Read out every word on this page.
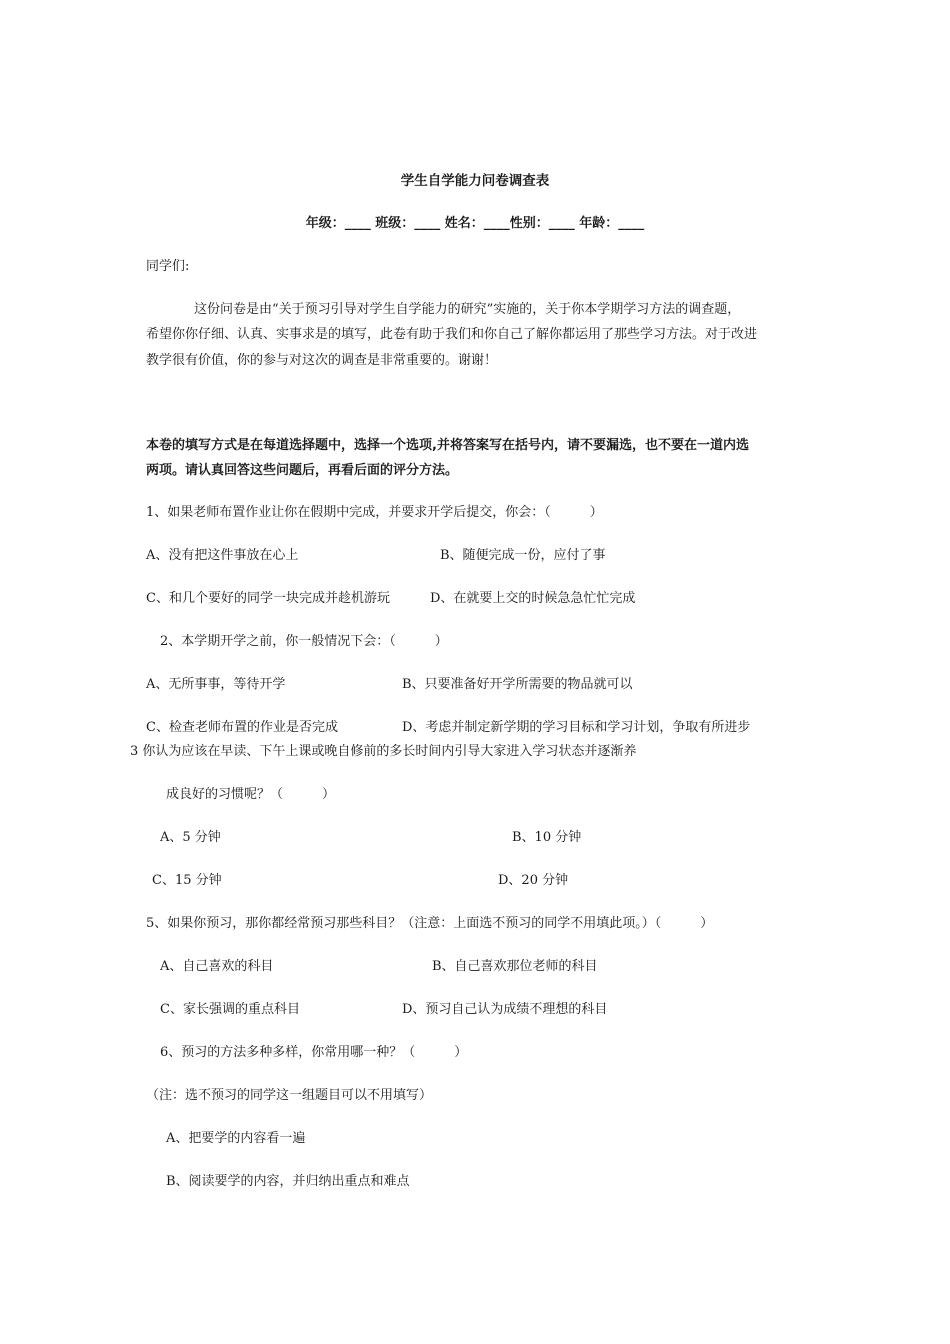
学生自学能力问卷调查表
年级：____ 班级：____ 姓名：____性别：____ 年龄：____
同学们:
这份问卷是由“关于预习引导对学生自学能力的研究”实施的，关于你本学期学习方法的调查题，
希望你你仔细、认真、实事求是的填写，此卷有助于我们和你自己了解你都运用了那些学习方法。对于改进
教学很有价值，你的参与对这次的调查是非常重要的。谢谢！
本卷的填写方式是在每道选择题中，选择一个选项,并将答案写在括号内，请不要漏选，也不要在一道内选
两项。请认真回答这些问题后，再看后面的评分方法。
1、如果老师布置作业让你在假期中完成，并要求开学后提交，你会：（　　　）
A、没有把这件事放在心上	B、随便完成一份，应付了事
C、和几个要好的同学一块完成并趁机游玩	D、在就要上交的时候急急忙忙完成
2、本学期开学之前，你一般情况下会：（　　　）
A、无所事事，等待开学	B、只要准备好开学所需要的物品就可以
C、检查老师布置的作业是否完成	D、考虑并制定新学期的学习目标和学习计划，争取有所进步
3 你认为应该在早读、下午上课或晚自修前的多长时间内引导大家进入学习状态并逐渐养
成良好的习惯呢？（　　　）
A、5 分钟	B、10 分钟
C、15 分钟	D、20 分钟
5、如果你预习，那你都经常预习那些科目？（注意：上面选不预习的同学不用填此项。）（　　　）
A、自己喜欢的科目	B、自己喜欢那位老师的科目
C、家长强调的重点科目	D、预习自己认为成绩不理想的科目
6、预习的方法多种多样，你常用哪一种？（　　　）
（注：选不预习的同学这一组题目可以不用填写）
A、把要学的内容看一遍
B、阅读要学的内容，并归纳出重点和难点
